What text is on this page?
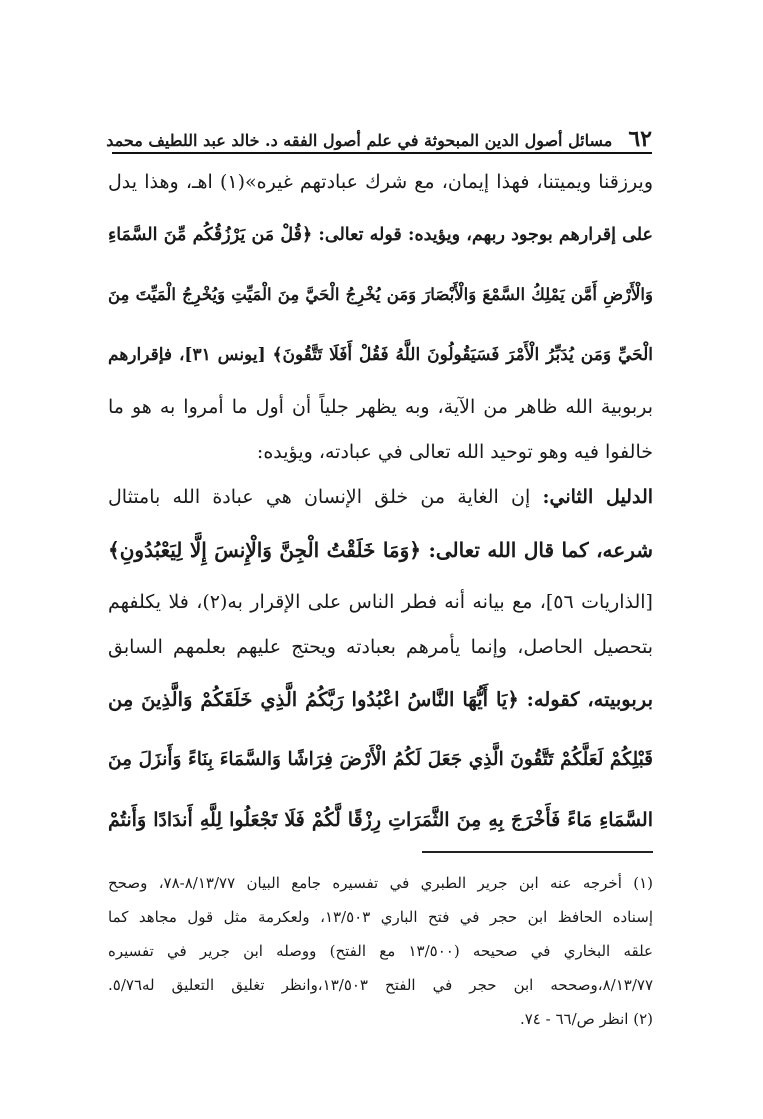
٦٢
مسائل أصول الدين المبحوثة في علم أصول الفقه د. خالد عبد اللطيف محمد
ويرزقنا ويميتنا، فهذا إيمان، مع شرك عبادتهم غيره»(١) اهـ، وهذا يدل
على إقرارهم بوجود ربهم، ويؤيده: قوله تعالى: ﴿قُلْ مَن يَرْزُقُكُم مِّنَ السَّمَاءِ
وَالْأَرْضِ أَمَّن يَمْلِكُ السَّمْعَ وَالْأَبْصَارَ وَمَن يُخْرِجُ الْحَيَّ مِنَ الْمَيِّتِ وَيُخْرِجُ الْمَيِّتَ مِنَ
الْحَيِّ وَمَن يُدَبِّرُ الْأَمْرَ فَسَيَقُولُونَ اللَّهُ فَقُلْ أَفَلَا تَتَّقُونَ﴾ [يونس ٣١]، فإقرارهم
بربوبية الله ظاهر من الآية، وبه يظهر جلياً أن أول ما أمروا به هو ما
خالفوا فيه وهو توحيد الله تعالى في عبادته، ويؤيده:
الدليل الثاني: إن الغاية من خلق الإنسان هي عبادة الله بامتثال
شرعه، كما قال الله تعالى: ﴿وَمَا خَلَقْتُ الْجِنَّ وَالْإِنسَ إِلَّا لِيَعْبُدُونِ﴾
[الذاريات ٥٦]، مع بيانه أنه فطر الناس على الإقرار به(٢)، فلا يكلفهم
بتحصيل الحاصل، وإنما يأمرهم بعبادته ويحتج عليهم بعلمهم السابق
بربوبيته، كقوله: ﴿يَا أَيُّهَا النَّاسُ اعْبُدُوا رَبَّكُمُ الَّذِي خَلَقَكُمْ وَالَّذِينَ مِن
قَبْلِكُمْ لَعَلَّكُمْ تَتَّقُونَ الَّذِي جَعَلَ لَكُمُ الْأَرْضَ فِرَاشًا وَالسَّمَاءَ بِنَاءً وَأَنزَلَ مِنَ
السَّمَاءِ مَاءً فَأَخْرَجَ بِهِ مِنَ الثَّمَرَاتِ رِزْقًا لَّكُمْ فَلَا تَجْعَلُوا لِلَّهِ أَندَادًا وَأَنتُمْ
(١) أخرجه عنه ابن جرير الطبري في تفسيره جامع البيان ٨/١٣/٧٧-٧٨، وصحح
إسناده الحافظ ابن حجر في فتح الباري ١٣/٥٠٣، ولعكرمة مثل قول مجاهد كما
علقه البخاري في صحيحه (١٣/٥٠٠ مع الفتح) ووصله ابن جرير في تفسيره
٨/١٣/٧٧،وصححه ابن حجر في الفتح ١٣/٥٠٣،وانظر تغليق التعليق له٥/٧٦.
(٢) انظر ص/٦٦ - ٧٤.
